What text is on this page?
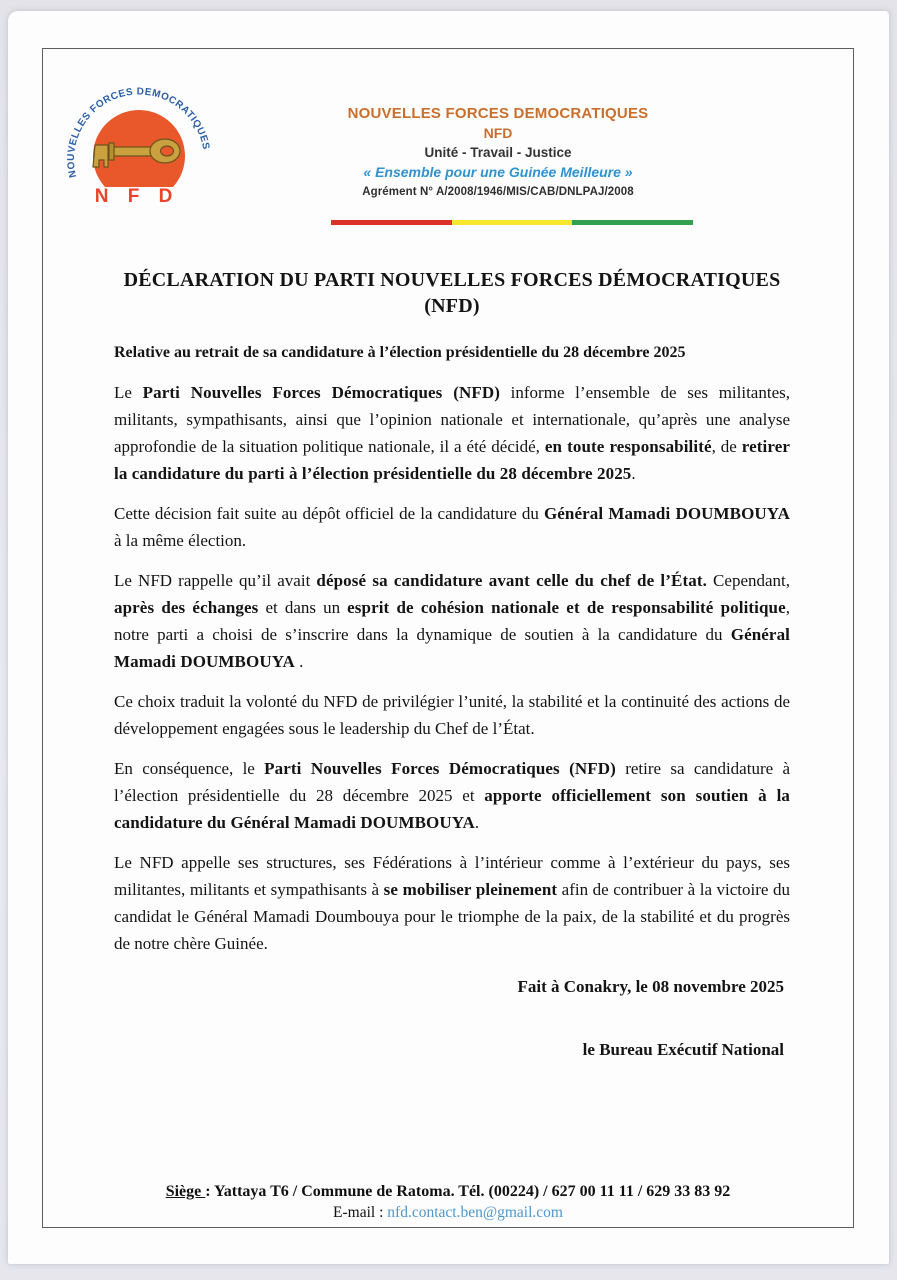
NOUVELLES FORCES DEMOCRATIQUES
N F D
NOUVELLES FORCES DEMOCRATIQUES
NFD
Unité - Travail - Justice
« Ensemble pour une Guinée Meilleure »
Agrément N° A/2008/1946/MIS/CAB/DNLPAJ/2008
DÉCLARATION DU PARTI NOUVELLES FORCES DÉMOCRATIQUES
(NFD)

Relative au retrait de sa candidature à l’élection présidentielle du 28 décembre 2025

Le Parti Nouvelles Forces Démocratiques (NFD) informe l’ensemble de ses militantes, militants, sympathisants, ainsi que l’opinion nationale et internationale, qu’après une analyse approfondie de la situation politique nationale, il a été décidé, en toute responsabilité, de retirer la candidature du parti à l’élection présidentielle du 28 décembre 2025.

Cette décision fait suite au dépôt officiel de la candidature du Général Mamadi DOUMBOUYA à la même élection.

Le NFD rappelle qu’il avait déposé sa candidature avant celle du chef de l’État. Cependant, après des échanges et dans un esprit de cohésion nationale et de responsabilité politique, notre parti a choisi de s’inscrire dans la dynamique de soutien à la candidature du Général Mamadi DOUMBOUYA .

Ce choix traduit la volonté du NFD de privilégier l’unité, la stabilité et la continuité des actions de développement engagées sous le leadership du Chef de l’État.

En conséquence, le Parti Nouvelles Forces Démocratiques (NFD) retire sa candidature à l’élection présidentielle du 28 décembre 2025 et apporte officiellement son soutien à la candidature du Général Mamadi DOUMBOUYA.

Le NFD appelle ses structures, ses Fédérations à l’intérieur comme à l’extérieur du pays, ses militantes, militants et sympathisants à se mobiliser pleinement afin de contribuer à la victoire du candidat le Général Mamadi Doumbouya pour le triomphe de la paix, de la stabilité et du progrès de notre chère Guinée.

Fait à Conakry, le 08 novembre 2025

le Bureau Exécutif National

Siège : Yattaya T6 / Commune de Ratoma. Tél. (00224) / 627 00 11 11 / 629 33 83 92
E-mail : nfd.contact.ben@gmail.com
